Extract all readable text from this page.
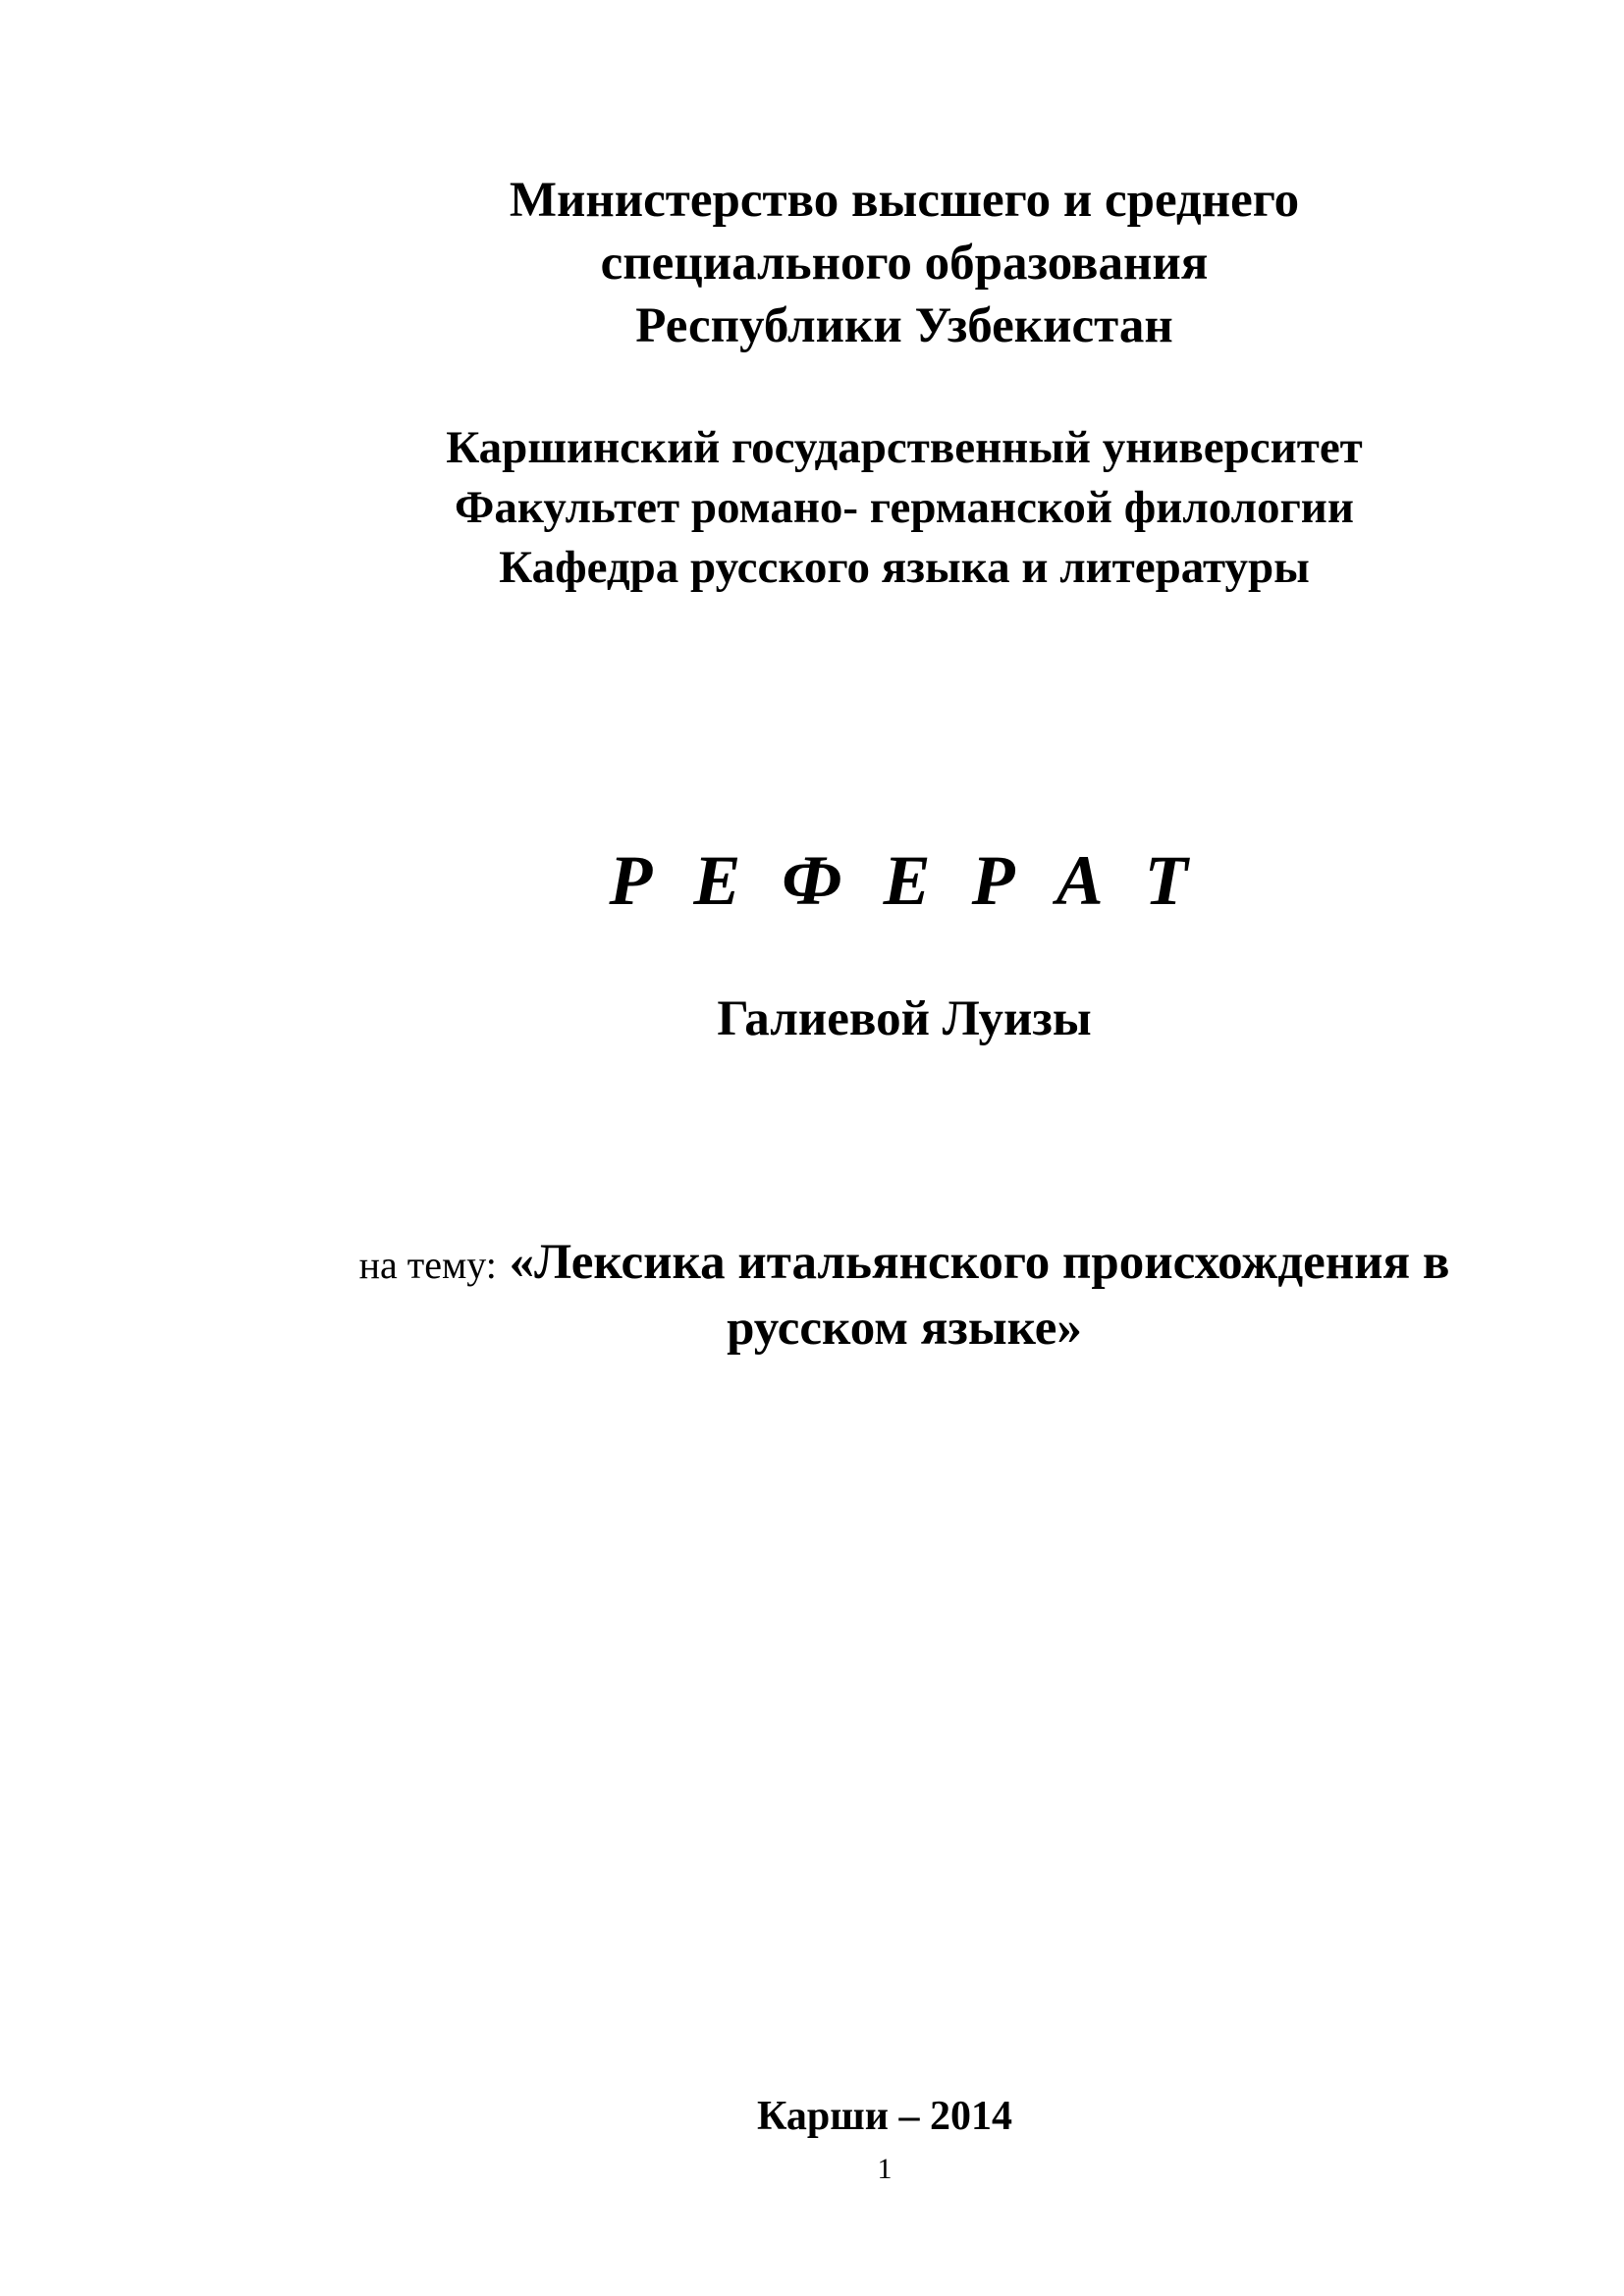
Министерство высшего и среднего
специального образования
Республики Узбекистан
Каршинский государственный университет
Факультет романо- германской филологии
Кафедра русского языка и литературы
Р Е Ф Е Р А Т
Галиевой Луизы
на тему: «Лексика итальянского происхождения в
русском языке»
Карши – 2014
1
